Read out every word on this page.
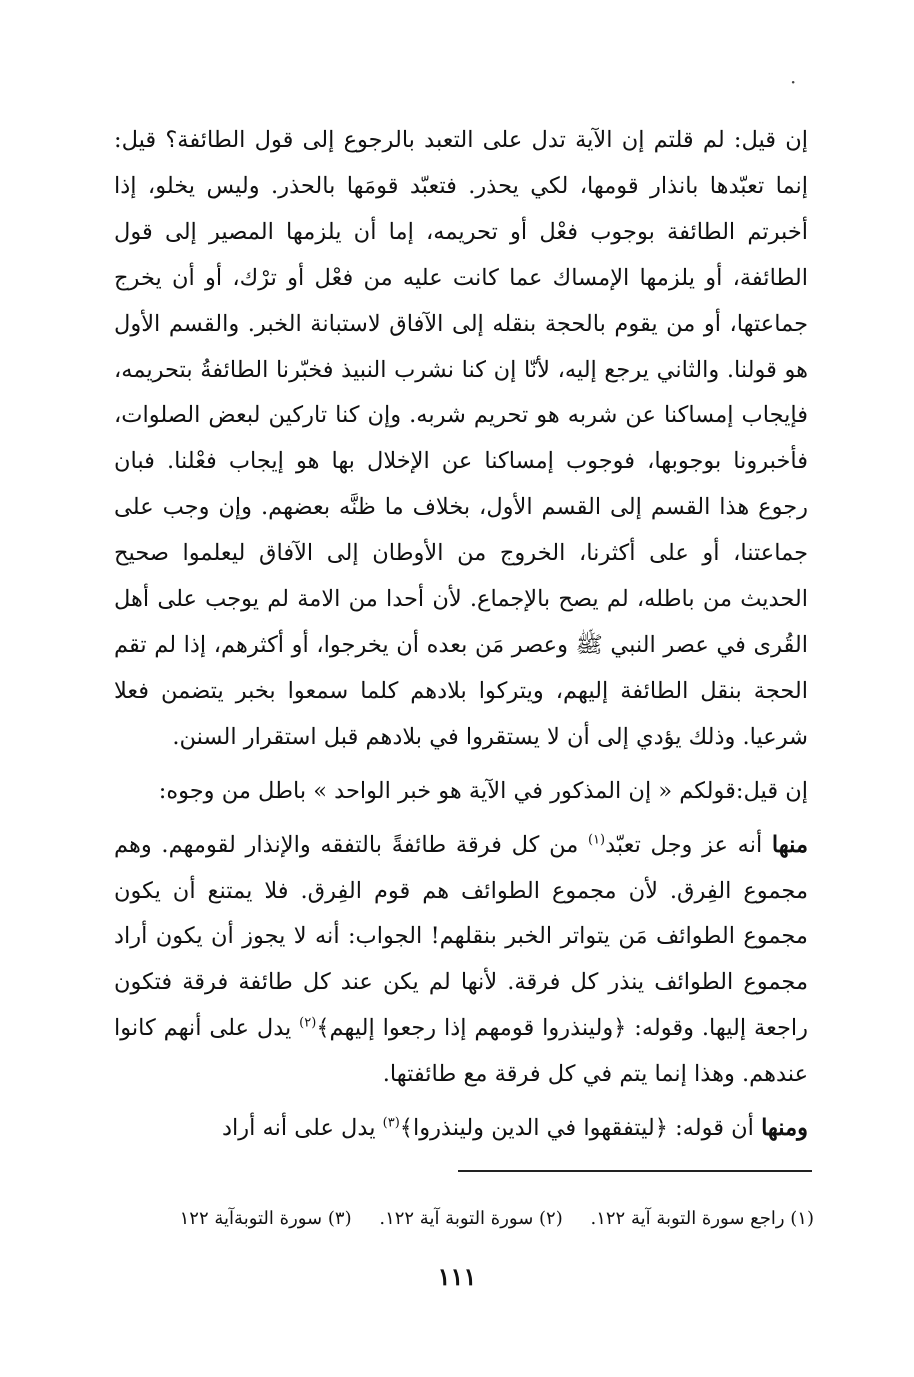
·

إن قيل: لم قلتم إن الآية تدل على التعبد بالرجوع إلى قول الطائفة؟ قيل: إنما تعبّدها بانذار قومها، لكي يحذر. فتعبّد قومَها بالحذر. وليس يخلو، إذا أخبرتم الطائفة بوجوب فعْل أو تحريمه، إما أن يلزمها المصير إلى قول الطائفة، أو يلزمها الإمساك عما كانت عليه من فعْل أو ترْك، أو أن يخرج جماعتها، أو من يقوم بالحجة بنقله إلى الآفاق لاستبانة الخبر. والقسم الأول هو قولنا. والثاني يرجع إليه، لأنّا إن كنا نشرب النبيذ فخبّرنا الطائفةُ بتحريمه، فإيجاب إمساكنا عن شربه هو تحريم شربه. وإن كنا تاركين لبعض الصلوات، فأخبرونا بوجوبها، فوجوب إمساكنا عن الإخلال بها هو إيجاب فعْلنا. فبان رجوع هذا القسم إلى القسم الأول، بخلاف ما ظنَّه بعضهم. وإن وجب على جماعتنا، أو على أكثرنا، الخروج من الأوطان إلى الآفاق ليعلموا صحيح الحديث من باطله، لم يصح بالإجماع. لأن أحدا من الامة لم يوجب على أهل القُرى في عصر النبي ﷺ وعصر مَن بعده أن يخرجوا، أو أكثرهم، إذا لم تقم الحجة بنقل الطائفة إليهم، ويتركوا بلادهم كلما سمعوا بخبر يتضمن فعلا شرعيا. وذلك يؤدي إلى أن لا يستقروا في بلادهم قبل استقرار السنن.

إن قيل:قولكم « إن المذكور في الآية هو خبر الواحد » باطل من وجوه:

منها أنه عز وجل تعبّد$^{(١)}$ من كل فرقة طائفةً بالتفقه والإنذار لقومهم. وهم مجموع الفِرق. لأن مجموع الطوائف هم قوم الفِرق. فلا يمتنع أن يكون مجموع الطوائف مَن يتواتر الخبر بنقلهم! الجواب: أنه لا يجوز أن يكون أراد مجموع الطوائف ينذر كل فرقة. لأنها لم يكن عند كل طائفة فرقة فتكون راجعة إليها. وقوله: ﴿ولينذروا قومهم إذا رجعوا إليهم﴾$^{(٢)}$ يدل على أنهم كانوا عندهم. وهذا إنما يتم في كل فرقة مع طائفتها.

ومنها أن قوله: ﴿ليتفقهوا في الدين ولينذروا﴾$^{(٣)}$ يدل على أنه أراد

(١) راجع سورة التوبة آية ١٢٢. (٢) سورة التوبة آية ١٢٢. (٣) سورة التوبةآية ١٢٢
١١١
